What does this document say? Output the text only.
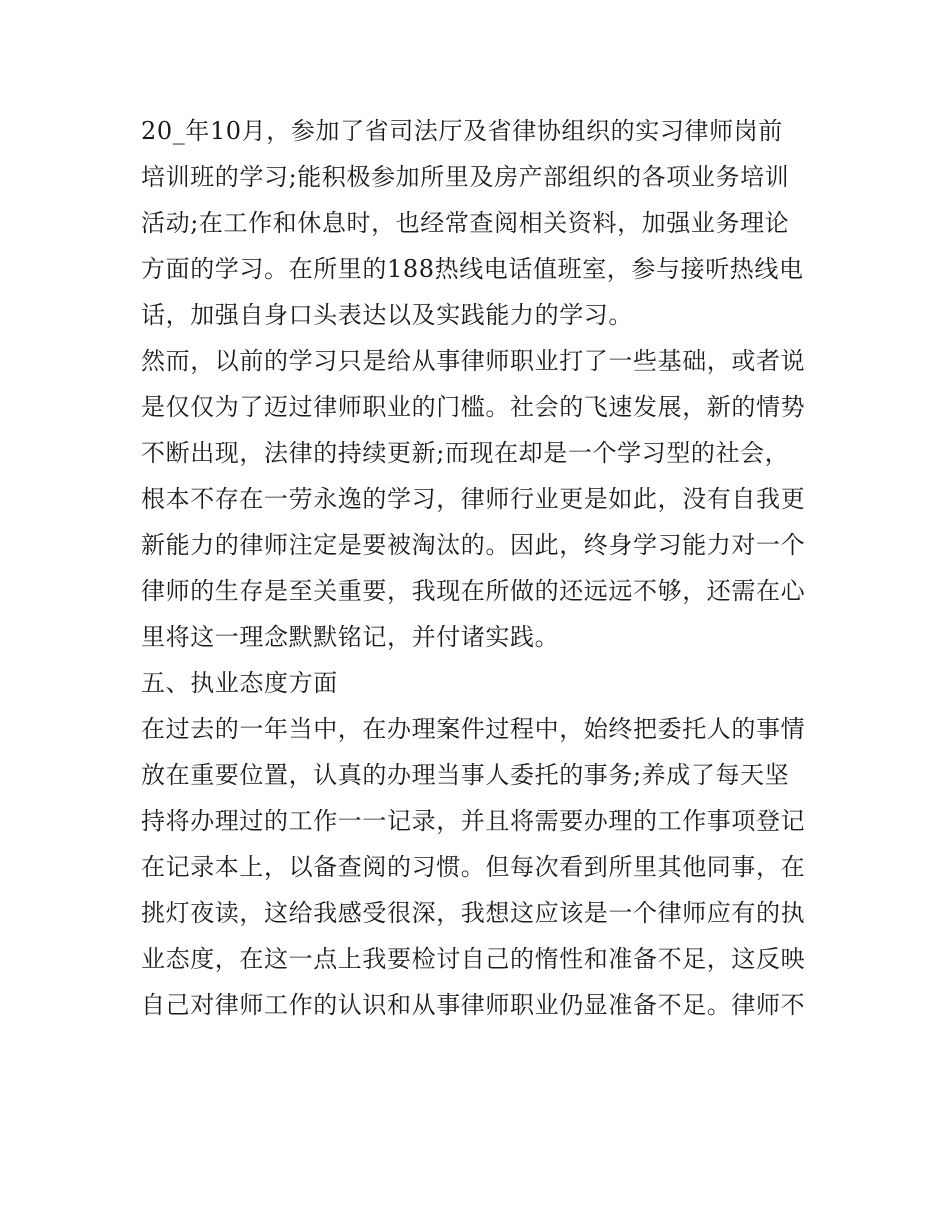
20_年10月，参加了省司法厅及省律协组织的实习律师岗前
培训班的学习;能积极参加所里及房产部组织的各项业务培训
活动;在工作和休息时，也经常查阅相关资料，加强业务理论
方面的学习。在所里的188热线电话值班室，参与接听热线电
话，加强自身口头表达以及实践能力的学习。
然而，以前的学习只是给从事律师职业打了一些基础，或者说
是仅仅为了迈过律师职业的门槛。社会的飞速发展，新的情势
不断出现，法律的持续更新;而现在却是一个学习型的社会，
根本不存在一劳永逸的学习，律师行业更是如此，没有自我更
新能力的律师注定是要被淘汰的。因此，终身学习能力对一个
律师的生存是至关重要，我现在所做的还远远不够，还需在心
里将这一理念默默铭记，并付诸实践。
五、执业态度方面
在过去的一年当中，在办理案件过程中，始终把委托人的事情
放在重要位置，认真的办理当事人委托的事务;养成了每天坚
持将办理过的工作一一记录，并且将需要办理的工作事项登记
在记录本上，以备查阅的习惯。但每次看到所里其他同事，在
挑灯夜读，这给我感受很深，我想这应该是一个律师应有的执
业态度，在这一点上我要检讨自己的惰性和准备不足，这反映
自己对律师工作的认识和从事律师职业仍显准备不足。律师不
